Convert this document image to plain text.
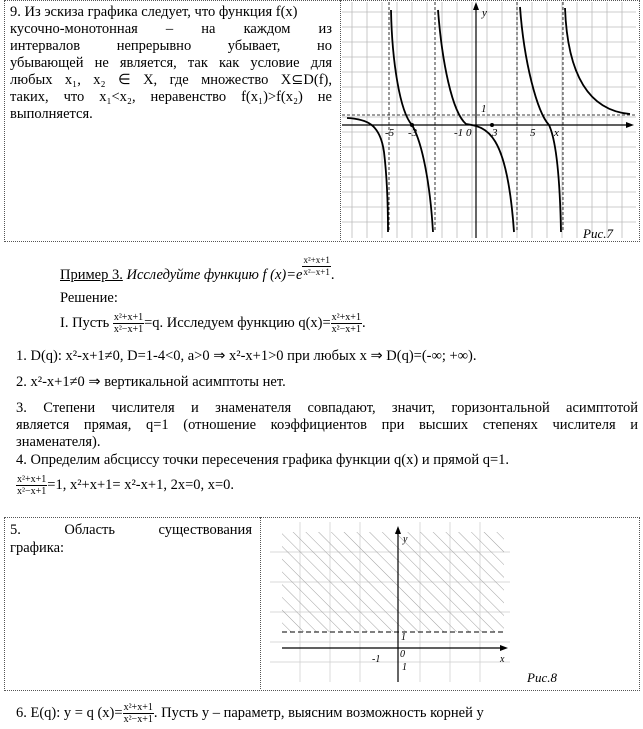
9. Из эскиза графика следует, что функция f(x)
кусочно-монотонная – на каждом из
интервалов непрерывно убывает, но
убывающей не является, так как условие для
любых x₁, x₂ ∈ X, где множество X⊆D(f),
таких, что x₁<x₂, неравенство f(x₁)>f(x₂) не
выполняется.
-5 -3	-1 0
1
3	5 x
y
Рис.7
Пример 3. Исследуйте функцию f $(x)=e \frac{\text{x²+x+1}}{\text{x²−x+1}}$ .
Решение:
I. Пусть $\frac{\text{x²+x+1}}{\text{x²−x+1}} =q$. Исследуем функцию $q(x)= \frac{\text{x²+x+1}}{\text{x²−x+1}}$ .
1. D(q): x²-x+1≠0, D=1-4<0, a>0 ⇒ x²-x+1>0 при любых x ⇒ D(q)=(-∞; +∞).
2. x²-x+1≠0 ⇒ вертикальной асимптоты нет.
3. Степени числителя и знаменателя совпадают, значит, горизонтальной асимптотой
является прямая, q=1 (отношение коэффициентов при высших степенях числителя и
знаменателя).
4. Определим абсциссу точки пересечения графика функции q(x) и прямой q=1.
$\frac{\text{x²+x+1}}{\text{x²−x+1}} =1$, x²+x+1= x²-x+1, 2x=0, x=0.
5.	Область	существования
графика:
y
x
1
0
-1
1
Рис.8
6. E(q): y = q $(x)= \frac{\text{x²+x+1}}{\text{x²−x+1}}$ . Пусть y – параметр, выясним возможность корней у
